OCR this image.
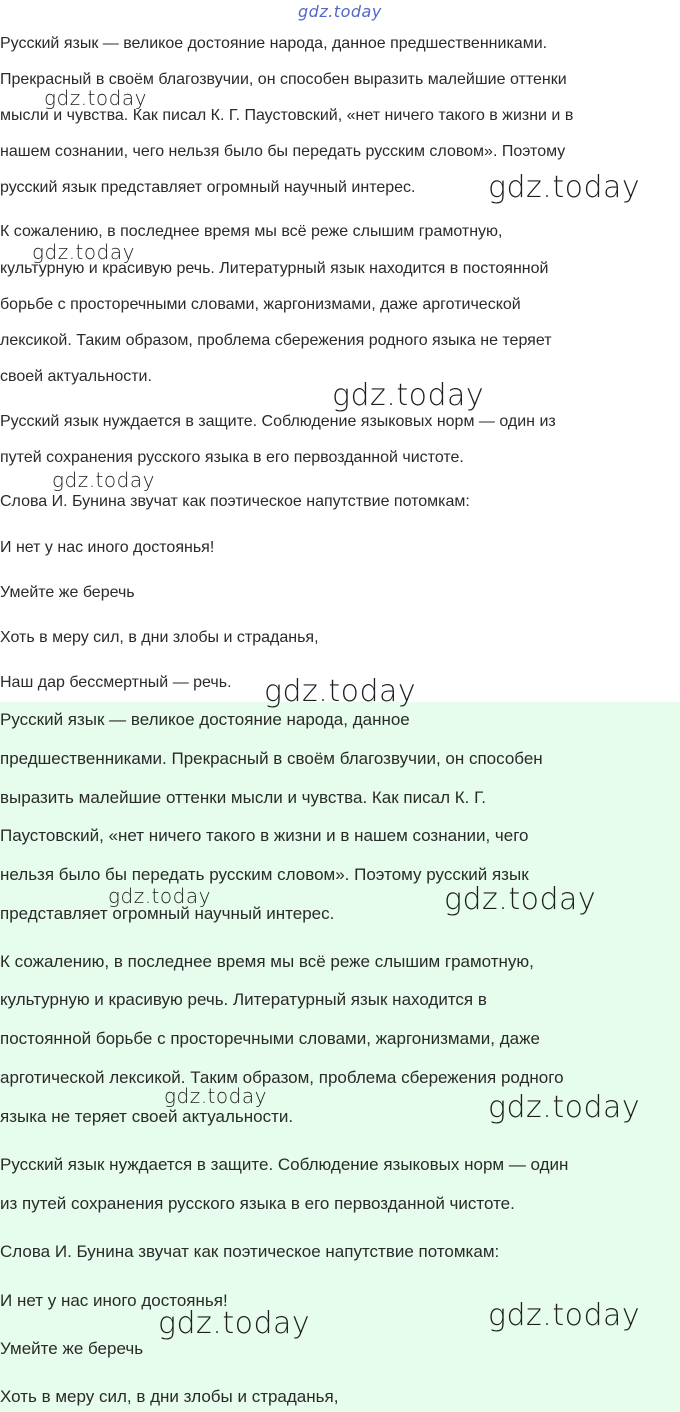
Русский язык — великое достояние народа, данное предшественниками.
Прекрасный в своём благозвучии, он способен выразить малейшие оттенки
мысли и чувства. Как писал К. Г. Паустовский, «нет ничего такого в жизни и в
нашем сознании, чего нельзя было бы передать русским словом». Поэтому
русский язык представляет огромный научный интерес.
К сожалению, в последнее время мы всё реже слышим грамотную,
культурную и красивую речь. Литературный язык находится в постоянной
борьбе с просторечными словами, жаргонизмами, даже арготической
лексикой. Таким образом, проблема сбережения родного языка не теряет
своей актуальности.
Русский язык нуждается в защите. Соблюдение языковых норм — один из
путей сохранения русского языка в его первозданной чистоте.
Слова И. Бунина звучат как поэтическое напутствие потомкам:
И нет у нас иного достоянья!
Умейте же беречь
Хоть в меру сил, в дни злобы и страданья,
Наш дар бессмертный — речь.
Русский язык — великое достояние народа, данное
предшественниками. Прекрасный в своём благозвучии, он способен
выразить малейшие оттенки мысли и чувства. Как писал К. Г.
Паустовский, «нет ничего такого в жизни и в нашем сознании, чего
нельзя было бы передать русским словом». Поэтому русский язык
представляет огромный научный интерес.
К сожалению, в последнее время мы всё реже слышим грамотную,
культурную и красивую речь. Литературный язык находится в
постоянной борьбе с просторечными словами, жаргонизмами, даже
арготической лексикой. Таким образом, проблема сбережения родного
языка не теряет своей актуальности.
Русский язык нуждается в защите. Соблюдение языковых норм — один
из путей сохранения русского языка в его первозданной чистоте.
Слова И. Бунина звучат как поэтическое напутствие потомкам:
И нет у нас иного достоянья!
Умейте же беречь
Хоть в меру сил, в дни злобы и страданья,
gdz.today
gdz.today
gdz.today
gdz.today
gdz.today
gdz.today
gdz.today
gdz.today	gdz.today
gdz.today	gdz.today
gdz.today	gdz.today
